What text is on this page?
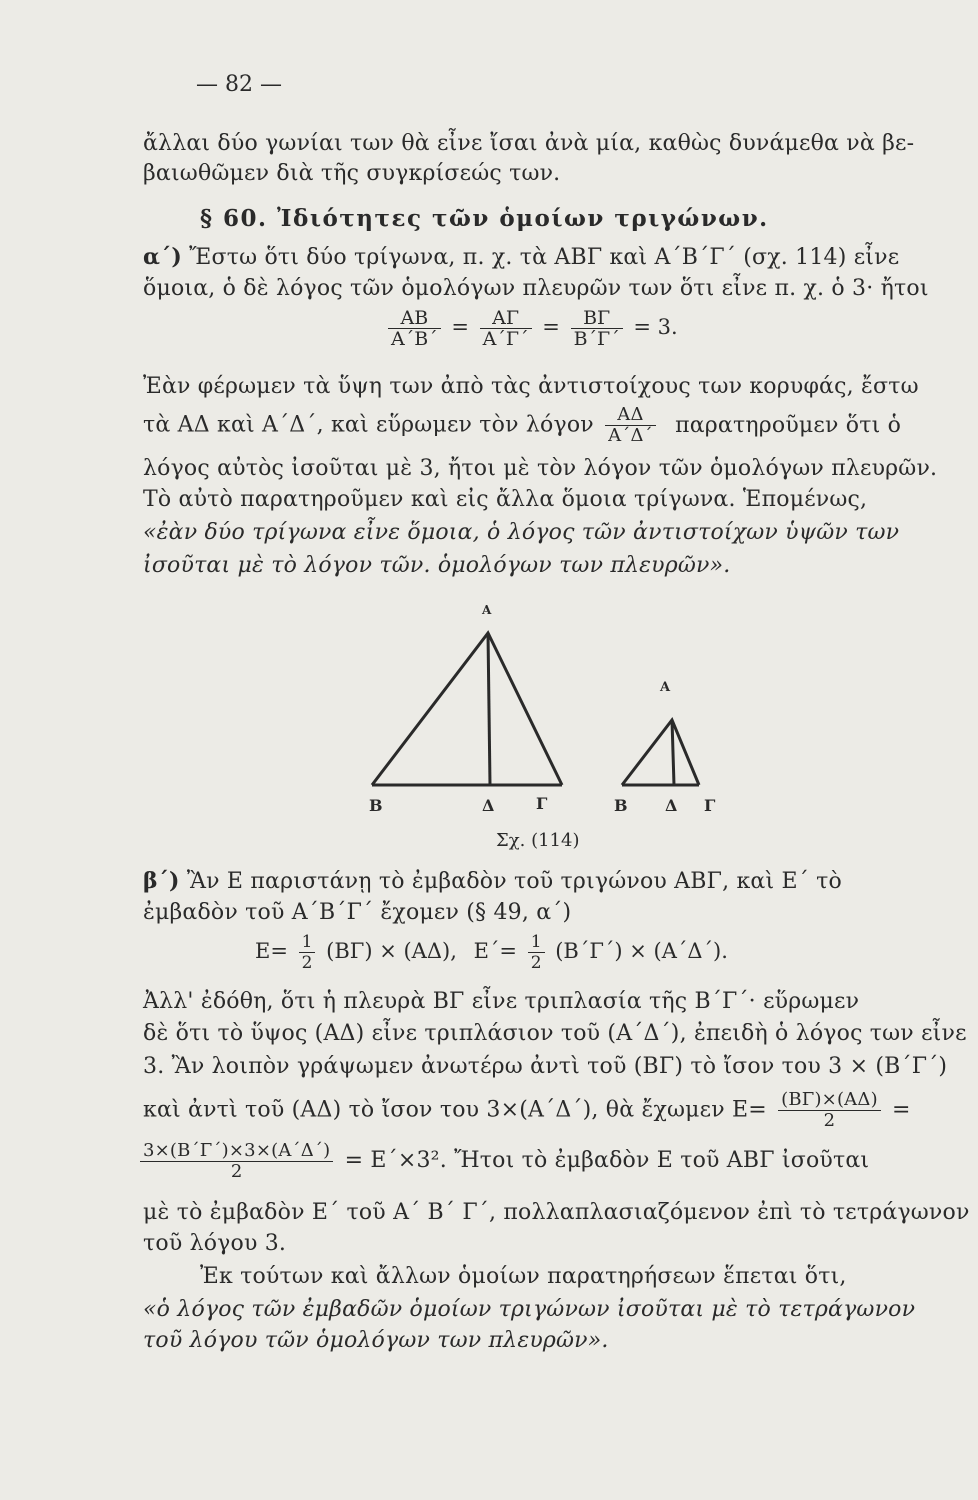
— 82 —
ἄλλαι δύο γωνίαι των θὰ εἶνε ἴσαι ἀνὰ μία, καθὼς δυνάμεθα νὰ βε-
βαιωθῶμεν διὰ τῆς συγκρίσεώς των.
§ 60. Ἰδιότητες τῶν ὁμοίων τριγώνων.
α΄) Ἔστω ὅτι δύο τρίγωνα, π. χ. τὰ ΑΒΓ καὶ Α΄Β΄Γ΄ (σχ. 114) εἶνε
ὅμοια, ὁ δὲ λόγος τῶν ὁμολόγων πλευρῶν των ὅτι εἶνε π. χ. ὁ 3· ἤτοι
$\frac{AB}{A΄B΄} = \frac{A\Gamma}{A΄\Gamma΄} = \frac{B\Gamma}{B΄\Gamma΄} = 3$.
Ἐὰν φέρωμεν τὰ ὕψη των ἀπὸ τὰς ἀντιστοίχους των κορυφάς, ἔστω
τὰ ΑΔ καὶ Α΄Δ΄, καὶ εὕρωμεν τὸν λόγον $\frac{A\Delta}{A΄\Delta΄}$ παρατηροῦμεν ὅτι ὁ
λόγος αὐτὸς ἰσοῦται μὲ 3, ἤτοι μὲ τὸν λόγον τῶν ὁμολόγων πλευρῶν.
Τὸ αὐτὸ παρατηροῦμεν καὶ εἰς ἄλλα ὅμοια τρίγωνα. Ἑπομένως,
«ἐὰν δύο τρίγωνα εἶνε ὅμοια, ὁ λόγος τῶν ἀντιστοίχων ὑψῶν των
ἰσοῦται μὲ τὸ λόγον τῶν. ὁμολόγων των πλευρῶν».
Α
Β	Δ	Γ
Α
Β Δ Γ
Σχ. (114)
β΄) Ἂν Ε παριστάνῃ τὸ ἐμβαδὸν τοῦ τριγώνου ΑΒΓ, καὶ Ε΄ τὸ
ἐμβαδὸν τοῦ Α΄Β΄Γ΄ ἔχομεν (§ 49, α΄)
$E= \frac{1}{2} (B\Gamma) \times (A\Delta)$, $E΄= \frac{1}{2} (B΄\Gamma΄) \times (A΄\Delta΄)$.
Ἀλλ' ἐδόθη, ὅτι ἡ πλευρὰ ΒΓ εἶνε τριπλασία τῆς Β΄Γ΄· εὕρωμεν
δὲ ὅτι τὸ ὕψος (ΑΔ) εἶνε τριπλάσιον τοῦ (Α΄Δ΄), ἐπειδὴ ὁ λόγος των εἶνε
3. Ἂν λοιπὸν γράψωμεν ἀνωτέρω ἀντὶ τοῦ (ΒΓ) τὸ ἴσον του 3 × (Β΄Γ΄)
καὶ ἀντὶ τοῦ (ΑΔ) τὸ ἴσον του 3×(Α΄Δ΄), θὰ ἔχωμεν $E= \frac{(B\Gamma)\times(A\Delta)}{2}$ =
$\frac{3\times(B΄\Gamma΄)\times 3\times(A΄\Delta΄)}{2} = E΄\times 3^2$. Ἤτοι τὸ ἐμβαδὸν Ε τοῦ ΑΒΓ ἰσοῦται
μὲ τὸ ἐμβαδὸν Ε΄ τοῦ Α΄ Β΄ Γ΄, πολλαπλασιαζόμενον ἐπὶ τὸ τετράγωνον
τοῦ λόγου 3.
Ἐκ τούτων καὶ ἄλλων ὁμοίων παρατηρήσεων ἕπεται ὅτι,
«ὁ λόγος τῶν ἐμβαδῶν ὁμοίων τριγώνων ἰσοῦται μὲ τὸ τετράγωνον
τοῦ λόγου τῶν ὁμολόγων των πλευρῶν».
